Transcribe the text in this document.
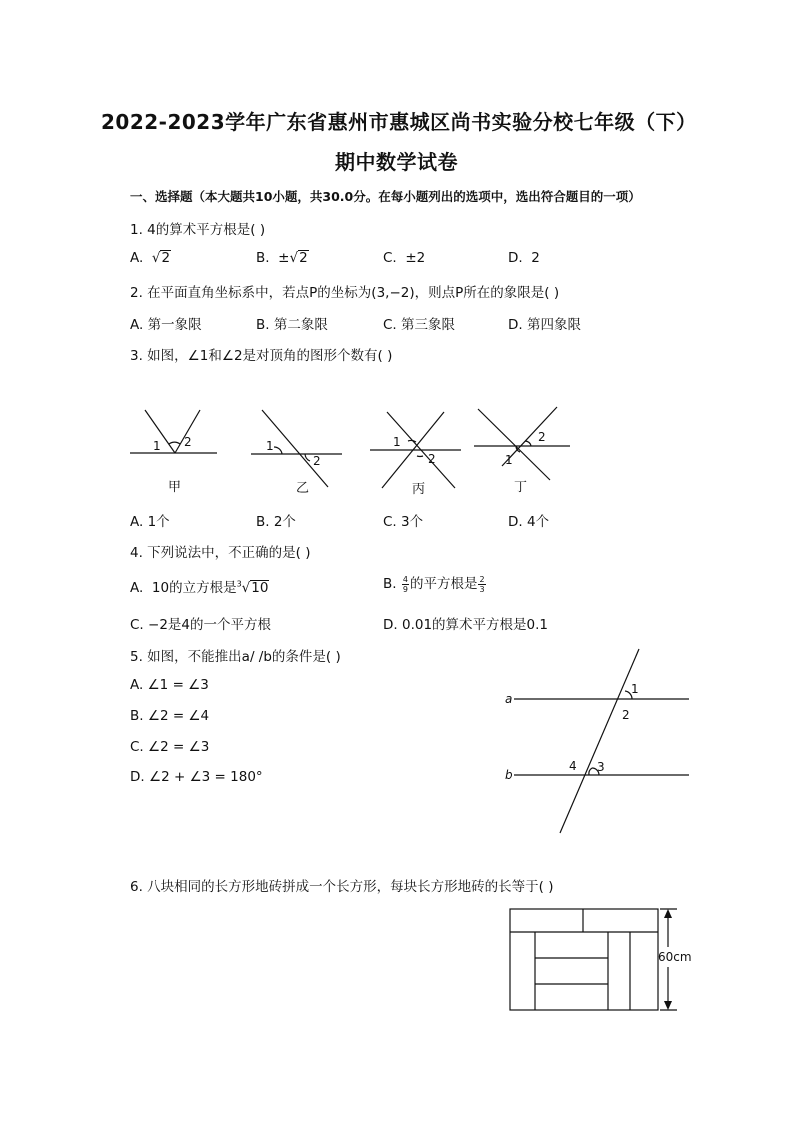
2022-2023学年广东省惠州市惠城区尚书实验分校七年级（下）
期中数学试卷
一、选择题（本大题共10小题，共30.0分。在每小题列出的选项中，选出符合题目的一项）
1. 4的算术平方根是( )
A.  √2	B. ±√2	C. ±2	D. 2
2. 在平面直角坐标系中，若点P的坐标为(3,−2)，则点P所在的象限是( )
A. 第一象限	B. 第二象限	C. 第三象限	D. 第四象限
3. 如图，∠1和∠2是对顶角的图形个数有( )
1 2	1
2
1
2
2
1
甲	乙	丙	丁
A. 1个	B. 2个	C. 3个	D. 4个
4. 下列说法中，不正确的是( )
A. 10的立方根是$^3$√10	B. $\frac{4}{9}$ 的平方根是 $\frac{2}{3}$
C. −2是4的一个平方根	D. 0.01的算术平方根是0.1
5. 如图，不能推出a/ /b的条件是( )
A. ∠1 = ∠3
B. ∠2 = ∠4
C. ∠2 = ∠3
D. ∠2 + ∠3 = 180°
a
b
1
2
3
4
6. 八块相同的长方形地砖拼成一个长方形，每块长方形地砖的长等于( )
60cm
